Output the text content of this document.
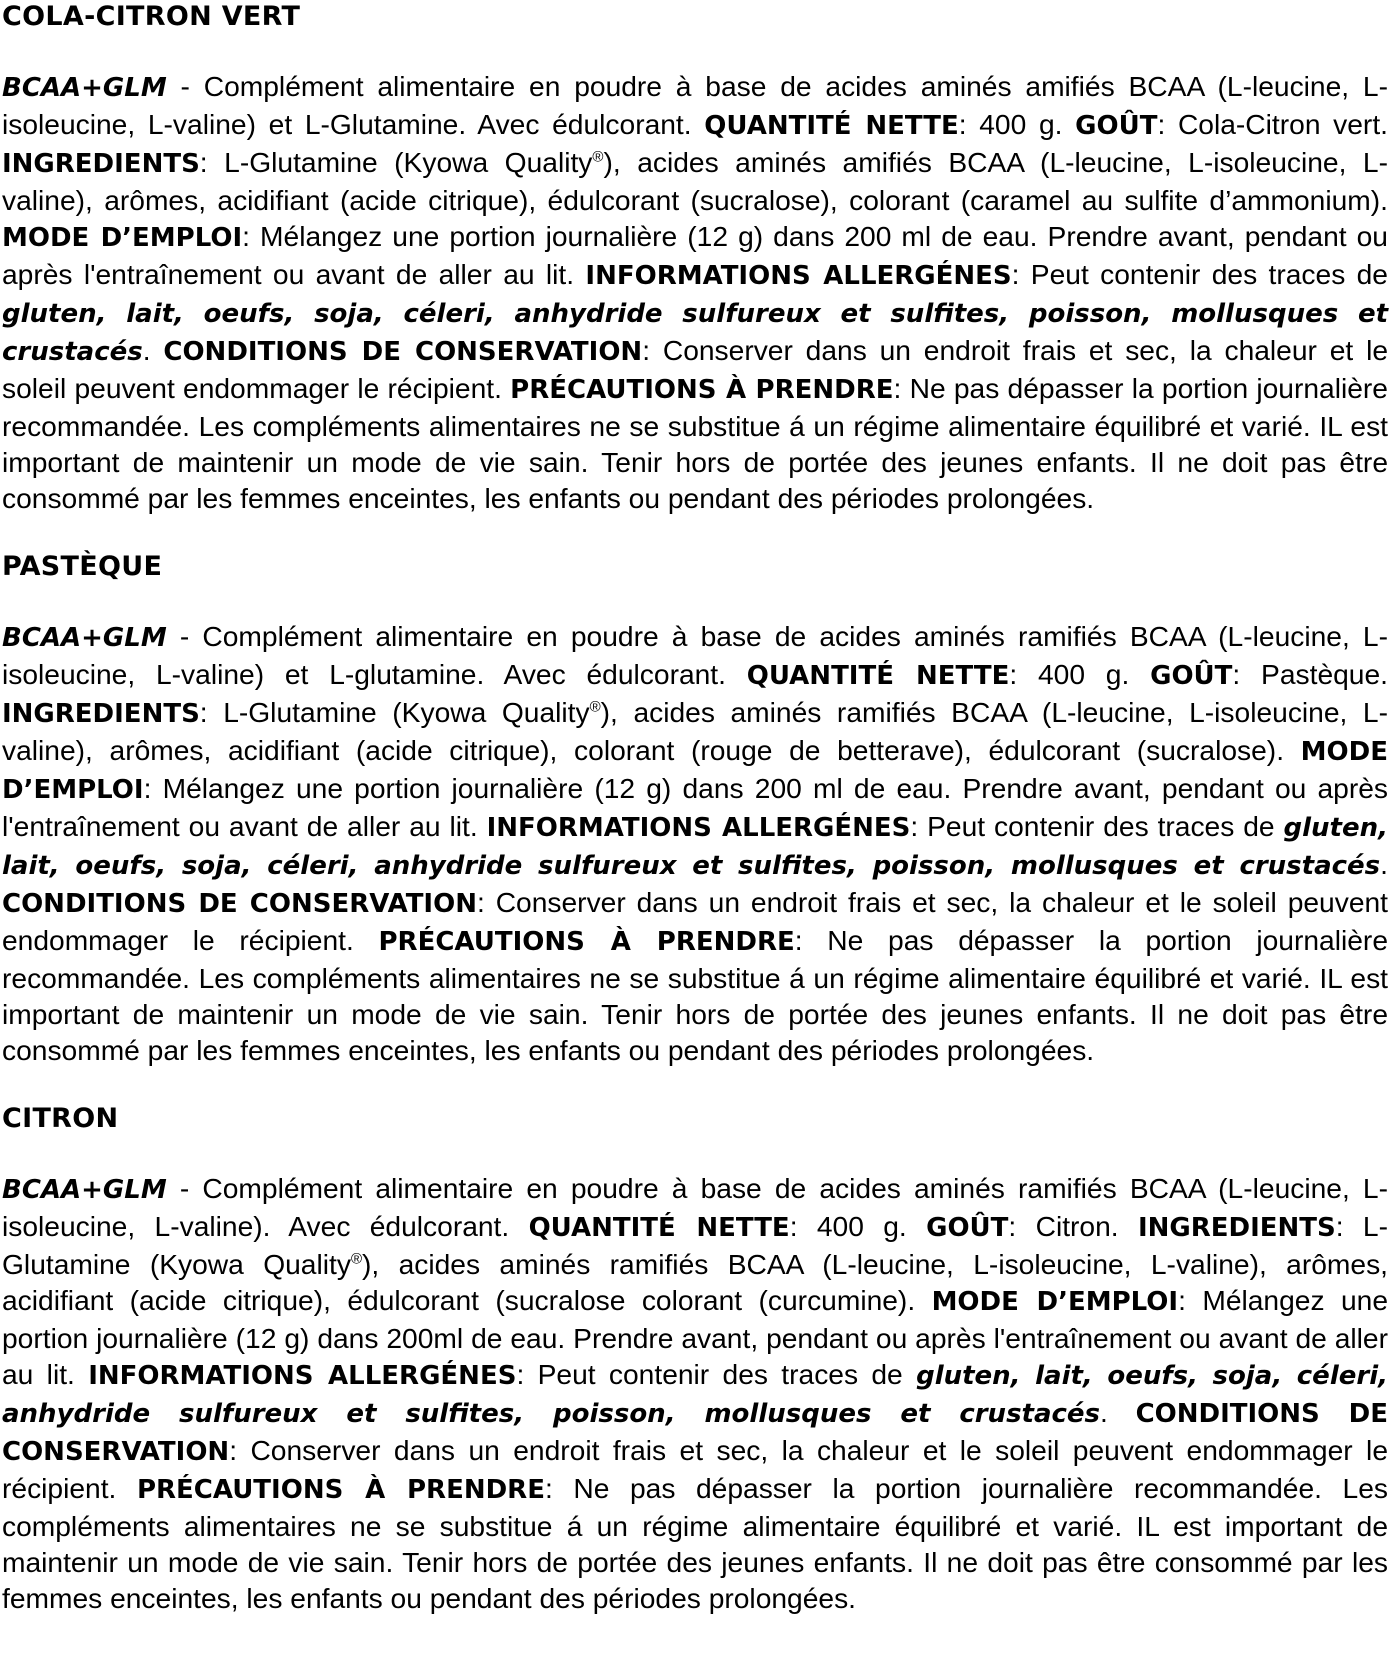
COLA-CITRON VERT

BCAA+GLM - Complément alimentaire en poudre à base de acides aminés amifiés BCAA (L-leucine, L-isoleucine, L-valine) et L-Glutamine. Avec édulcorant. QUANTITÉ NETTE: 400 g. GOÛT: Cola-Citron vert. INGREDIENTS: L-Glutamine (Kyowa Quality®), acides aminés amifiés BCAA (L-leucine, L-isoleucine, L-valine), arômes, acidifiant (acide citrique), édulcorant (sucralose), colorant (caramel au sulfite d’ammonium). MODE D’EMPLOI: Mélangez une portion journalière (12 g) dans 200 ml de eau. Prendre avant, pendant ou après l'entraînement ou avant de aller au lit. INFORMATIONS ALLERGÉNES: Peut contenir des traces de gluten, lait, oeufs, soja, céleri, anhydride sulfureux et sulfites, poisson, mollusques et crustacés. CONDITIONS DE CONSERVATION: Conserver dans un endroit frais et sec, la chaleur et le soleil peuvent endommager le récipient. PRÉCAUTIONS À PRENDRE: Ne pas dépasser la portion journalière recommandée. Les compléments alimentaires ne se substitue á un régime alimentaire équilibré et varié. IL est important de maintenir un mode de vie sain. Tenir hors de portée des jeunes enfants. Il ne doit pas être consommé par les femmes enceintes, les enfants ou pendant des périodes prolongées.

PASTÈQUE

BCAA+GLM - Complément alimentaire en poudre à base de acides aminés ramifiés BCAA (L-leucine, L-isoleucine, L-valine) et L-glutamine. Avec édulcorant. QUANTITÉ NETTE: 400 g. GOÛT: Pastèque. INGREDIENTS: L-Glutamine (Kyowa Quality®), acides aminés ramifiés BCAA (L-leucine, L-isoleucine, L-valine), arômes, acidifiant (acide citrique), colorant (rouge de betterave), édulcorant (sucralose). MODE D’EMPLOI: Mélangez une portion journalière (12 g) dans 200 ml de eau. Prendre avant, pendant ou après l'entraînement ou avant de aller au lit. INFORMATIONS ALLERGÉNES: Peut contenir des traces de gluten, lait, oeufs, soja, céleri, anhydride sulfureux et sulfites, poisson, mollusques et crustacés. CONDITIONS DE CONSERVATION: Conserver dans un endroit frais et sec, la chaleur et le soleil peuvent endommager le récipient. PRÉCAUTIONS À PRENDRE: Ne pas dépasser la portion journalière recommandée. Les compléments alimentaires ne se substitue á un régime alimentaire équilibré et varié. IL est important de maintenir un mode de vie sain. Tenir hors de portée des jeunes enfants. Il ne doit pas être consommé par les femmes enceintes, les enfants ou pendant des périodes prolongées.

CITRON

BCAA+GLM - Complément alimentaire en poudre à base de acides aminés ramifiés BCAA (L-leucine, L-isoleucine, L-valine). Avec édulcorant. QUANTITÉ NETTE: 400 g. GOÛT: Citron. INGREDIENTS: L-Glutamine (Kyowa Quality®), acides aminés ramifiés BCAA (L-leucine, L-isoleucine, L-valine), arômes, acidifiant (acide citrique), édulcorant (sucralose colorant (curcumine). MODE D’EMPLOI: Mélangez une portion journalière (12 g) dans 200ml de eau. Prendre avant, pendant ou après l'entraînement ou avant de aller au lit. INFORMATIONS ALLERGÉNES: Peut contenir des traces de gluten, lait, oeufs, soja, céleri, anhydride sulfureux et sulfites, poisson, mollusques et crustacés. CONDITIONS DE CONSERVATION: Conserver dans un endroit frais et sec, la chaleur et le soleil peuvent endommager le récipient. PRÉCAUTIONS À PRENDRE: Ne pas dépasser la portion journalière recommandée. Les compléments alimentaires ne se substitue á un régime alimentaire équilibré et varié. IL est important de maintenir un mode de vie sain. Tenir hors de portée des jeunes enfants. Il ne doit pas être consommé par les femmes enceintes, les enfants ou pendant des périodes prolongées.
